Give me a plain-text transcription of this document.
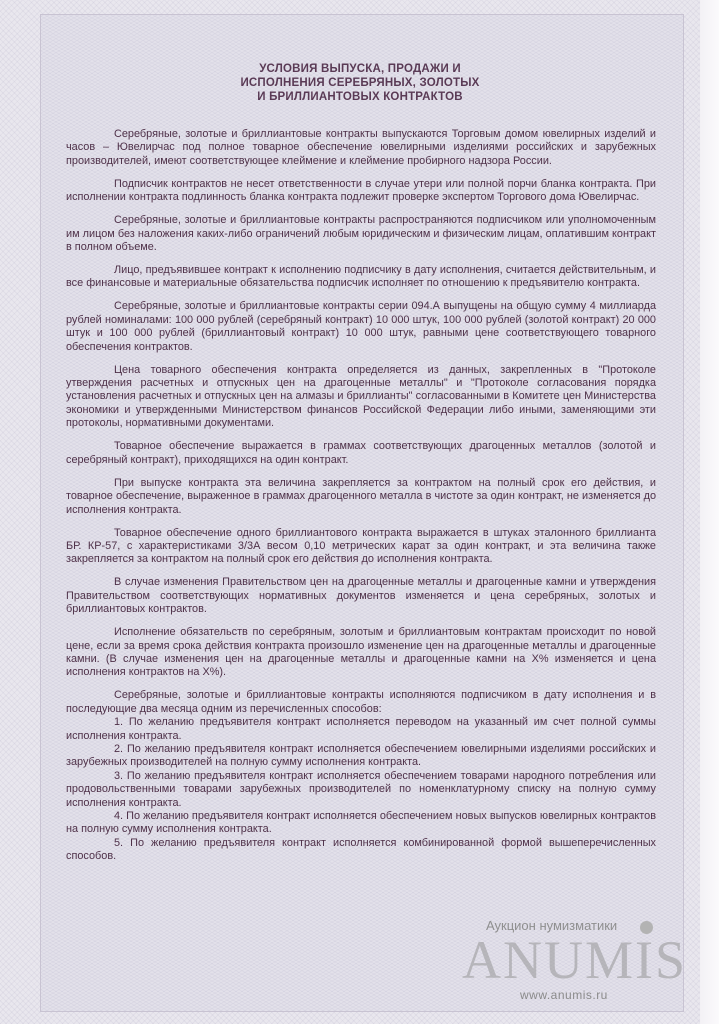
УСЛОВИЯ ВЫПУСКА, ПРОДАЖИ И
ИСПОЛНЕНИЯ СЕРЕБРЯНЫХ, ЗОЛОТЫХ
И БРИЛЛИАНТОВЫХ КОНТРАКТОВ

Серебряные, золотые и бриллиантовые контракты выпускаются Торговым домом ювелирных изделий и часов – Ювелирчас под полное товарное обеспечение ювелирными изделиями российских и зарубежных производителей, имеют соответствующее клеймение и клеймение пробирного надзора России.

Подписчик контрактов не несет ответственности в случае утери или полной порчи бланка контракта. При исполнении контракта подлинность бланка контракта подлежит проверке экспертом Торгового дома Ювелирчас.

Серебряные, золотые и бриллиантовые контракты распространяются подписчиком или уполномоченным им лицом без наложения каких-либо ограничений любым юридическим и физическим лицам, оплатившим контракт в полном объеме.

Лицо, предъявившее контракт к исполнению подписчику в дату исполнения, считается действительным, и все финансовые и материальные обязательства подписчик исполняет по отношению к предъявителю контракта.

Серебряные, золотые и бриллиантовые контракты серии 094.А выпущены на общую сумму 4 миллиарда рублей номиналами: 100 000 рублей (серебряный контракт) 10 000 штук, 100 000 рублей (золотой контракт) 20 000 штук и 100 000 рублей (бриллиантовый контракт) 10 000 штук, равными цене соответствующего товарного обеспечения контрактов.

Цена товарного обеспечения контракта определяется из данных, закрепленных в "Протоколе утверждения расчетных и отпускных цен на драгоценные металлы" и "Протоколе согласования порядка установления расчетных и отпускных цен на алмазы и бриллианты" согласованными в Комитете цен Министерства экономики и утвержденными Министерством финансов Российской Федерации либо иными, заменяющими эти протоколы, нормативными документами.

Товарное обеспечение выражается в граммах соответствующих драгоценных металлов (золотой и серебряный контракт), приходящихся на один контракт.

При выпуске контракта эта величина закрепляется за контрактом на полный срок его действия, и товарное обеспечение, выраженное в граммах драгоценного металла в чистоте за один контракт, не изменяется до исполнения контракта.

Товарное обеспечение одного бриллиантового контракта выражается в штуках эталонного бриллианта БР. КР-57, с характеристиками 3/3А весом 0,10 метрических карат за один контракт, и эта величина также закрепляется за контрактом на полный срок его действия до исполнения контракта.

В случае изменения Правительством цен на драгоценные металлы и драгоценные камни и утверждения Правительством соответствующих нормативных документов изменяется и цена серебряных, золотых и бриллиантовых контрактов.

Исполнение обязательств по серебряным, золотым и бриллиантовым контрактам происходит по новой цене, если за время срока действия контракта произошло изменение цен на драгоценные металлы и драгоценные камни. (В случае изменения цен на драгоценные металлы и драгоценные камни на Х% изменяется и цена исполнения контрактов на Х%).

Серебряные, золотые и бриллиантовые контракты исполняются подписчиком в дату исполнения и в последующие два месяца одним из перечисленных способов:

1. По желанию предъявителя контракт исполняется переводом на указанный им счет полной суммы исполнения контракта.

2. По желанию предъявителя контракт исполняется обеспечением ювелирными изделиями российских и зарубежных производителей на полную сумму исполнения контракта.

3. По желанию предъявителя контракт исполняется обеспечением товарами народного потребления или продовольственными товарами зарубежных производителей по номенклатурному списку на полную сумму исполнения контракта.

4. По желанию предъявителя контракт исполняется обеспечением новых выпусков ювелирных контрактов на полную сумму исполнения контракта.

5. По желанию предъявителя контракт исполняется комбинированной формой вышеперечисленных способов.

Аукцион нумизматики
ANUMIS
www.anumis.ru
